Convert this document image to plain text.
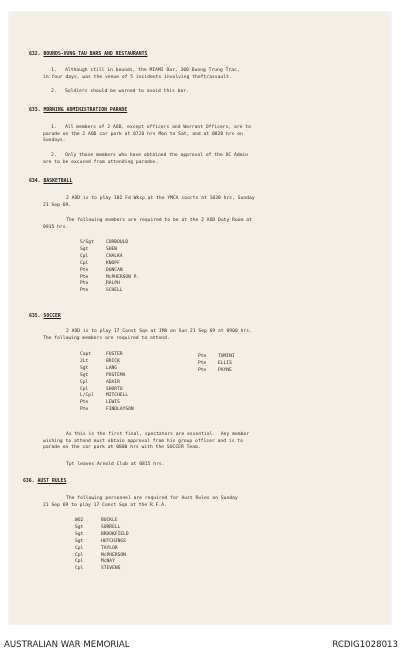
632. BOUNDS-VUNG TAU BARS AND RESTAURANTS
1.   Although still in bounds, the MIAMI Bar, 300 Duong Trung Trac,
in four days, was the venue of 5 incidents involving theft/assault.
2.   Soldiers should be warned to avoid this bar.
633. MORNING ADMINISTRATION PARADE
1.   All members of 2 AOD, except officers and Warrant Officers, are to
parade on the 2 AOD car park at 0720 hrs Mon to Sat, and at 0820 hrs on
Sundays.
2.   Only those members who have obtained the approval of the OC Admin
are to be excused from attending parades.
634. BASKETBALL
2 AOD is to play 102 Fd Wksp at the YMCA courts at 1030 hrs, Sunday
21 Sep 69.
The following members are required to be at the 2 AOD Duty Room at
0915 hrs.
S/Sgt	CORBOULD
Sgt	SHEW
Cpl	CHALKA
Cpl	KNOPF
Pte	DUNCAN
Pte	McPHERSON P.
Pte	RALPH
Pte	SCHELL
635. SOCCER
2 AOD is to play 17 Const Sqn at JMA on Sun 21 Sep 69 at 0900 hrs.
The following members are required to attend.
Capt	FOSTER
2Lt	BRICK
Sgt	LANG
Sgt	POSTEMA
Cpl	ADAIR
Cpl	SHORTO
L/Cpl	MITCHELL
Pte	LEWIS
Pte	FINDLAYSON
Pte	TUMINI
Pte	ELLIS
Pte	PAYNE
As this is the first final, spectators are essential.  Any member
wishing to attend must obtain approval from his group officer and is to
parade on the car park at 0800 hrs with the SOCCER Team.
Tpt leaves Arnold Club at 0815 hrs.
636. AUST RULES
The following personnel are required for Aust Rules on Sunday
21 Sep 69 to play 17 Const Sqn at the R.F.A.
WO2	BUCKLE
Sgt	SORRELL
Sgt	BROOKFIELD
Sgt	HUTCHINGS
Cpl	TAYLOR
Cpl	McPHERSON
Cpl	McNAY
Cpl	STEVENS
AUSTRALIAN WAR MEMORIAL	RCDIG1028013
